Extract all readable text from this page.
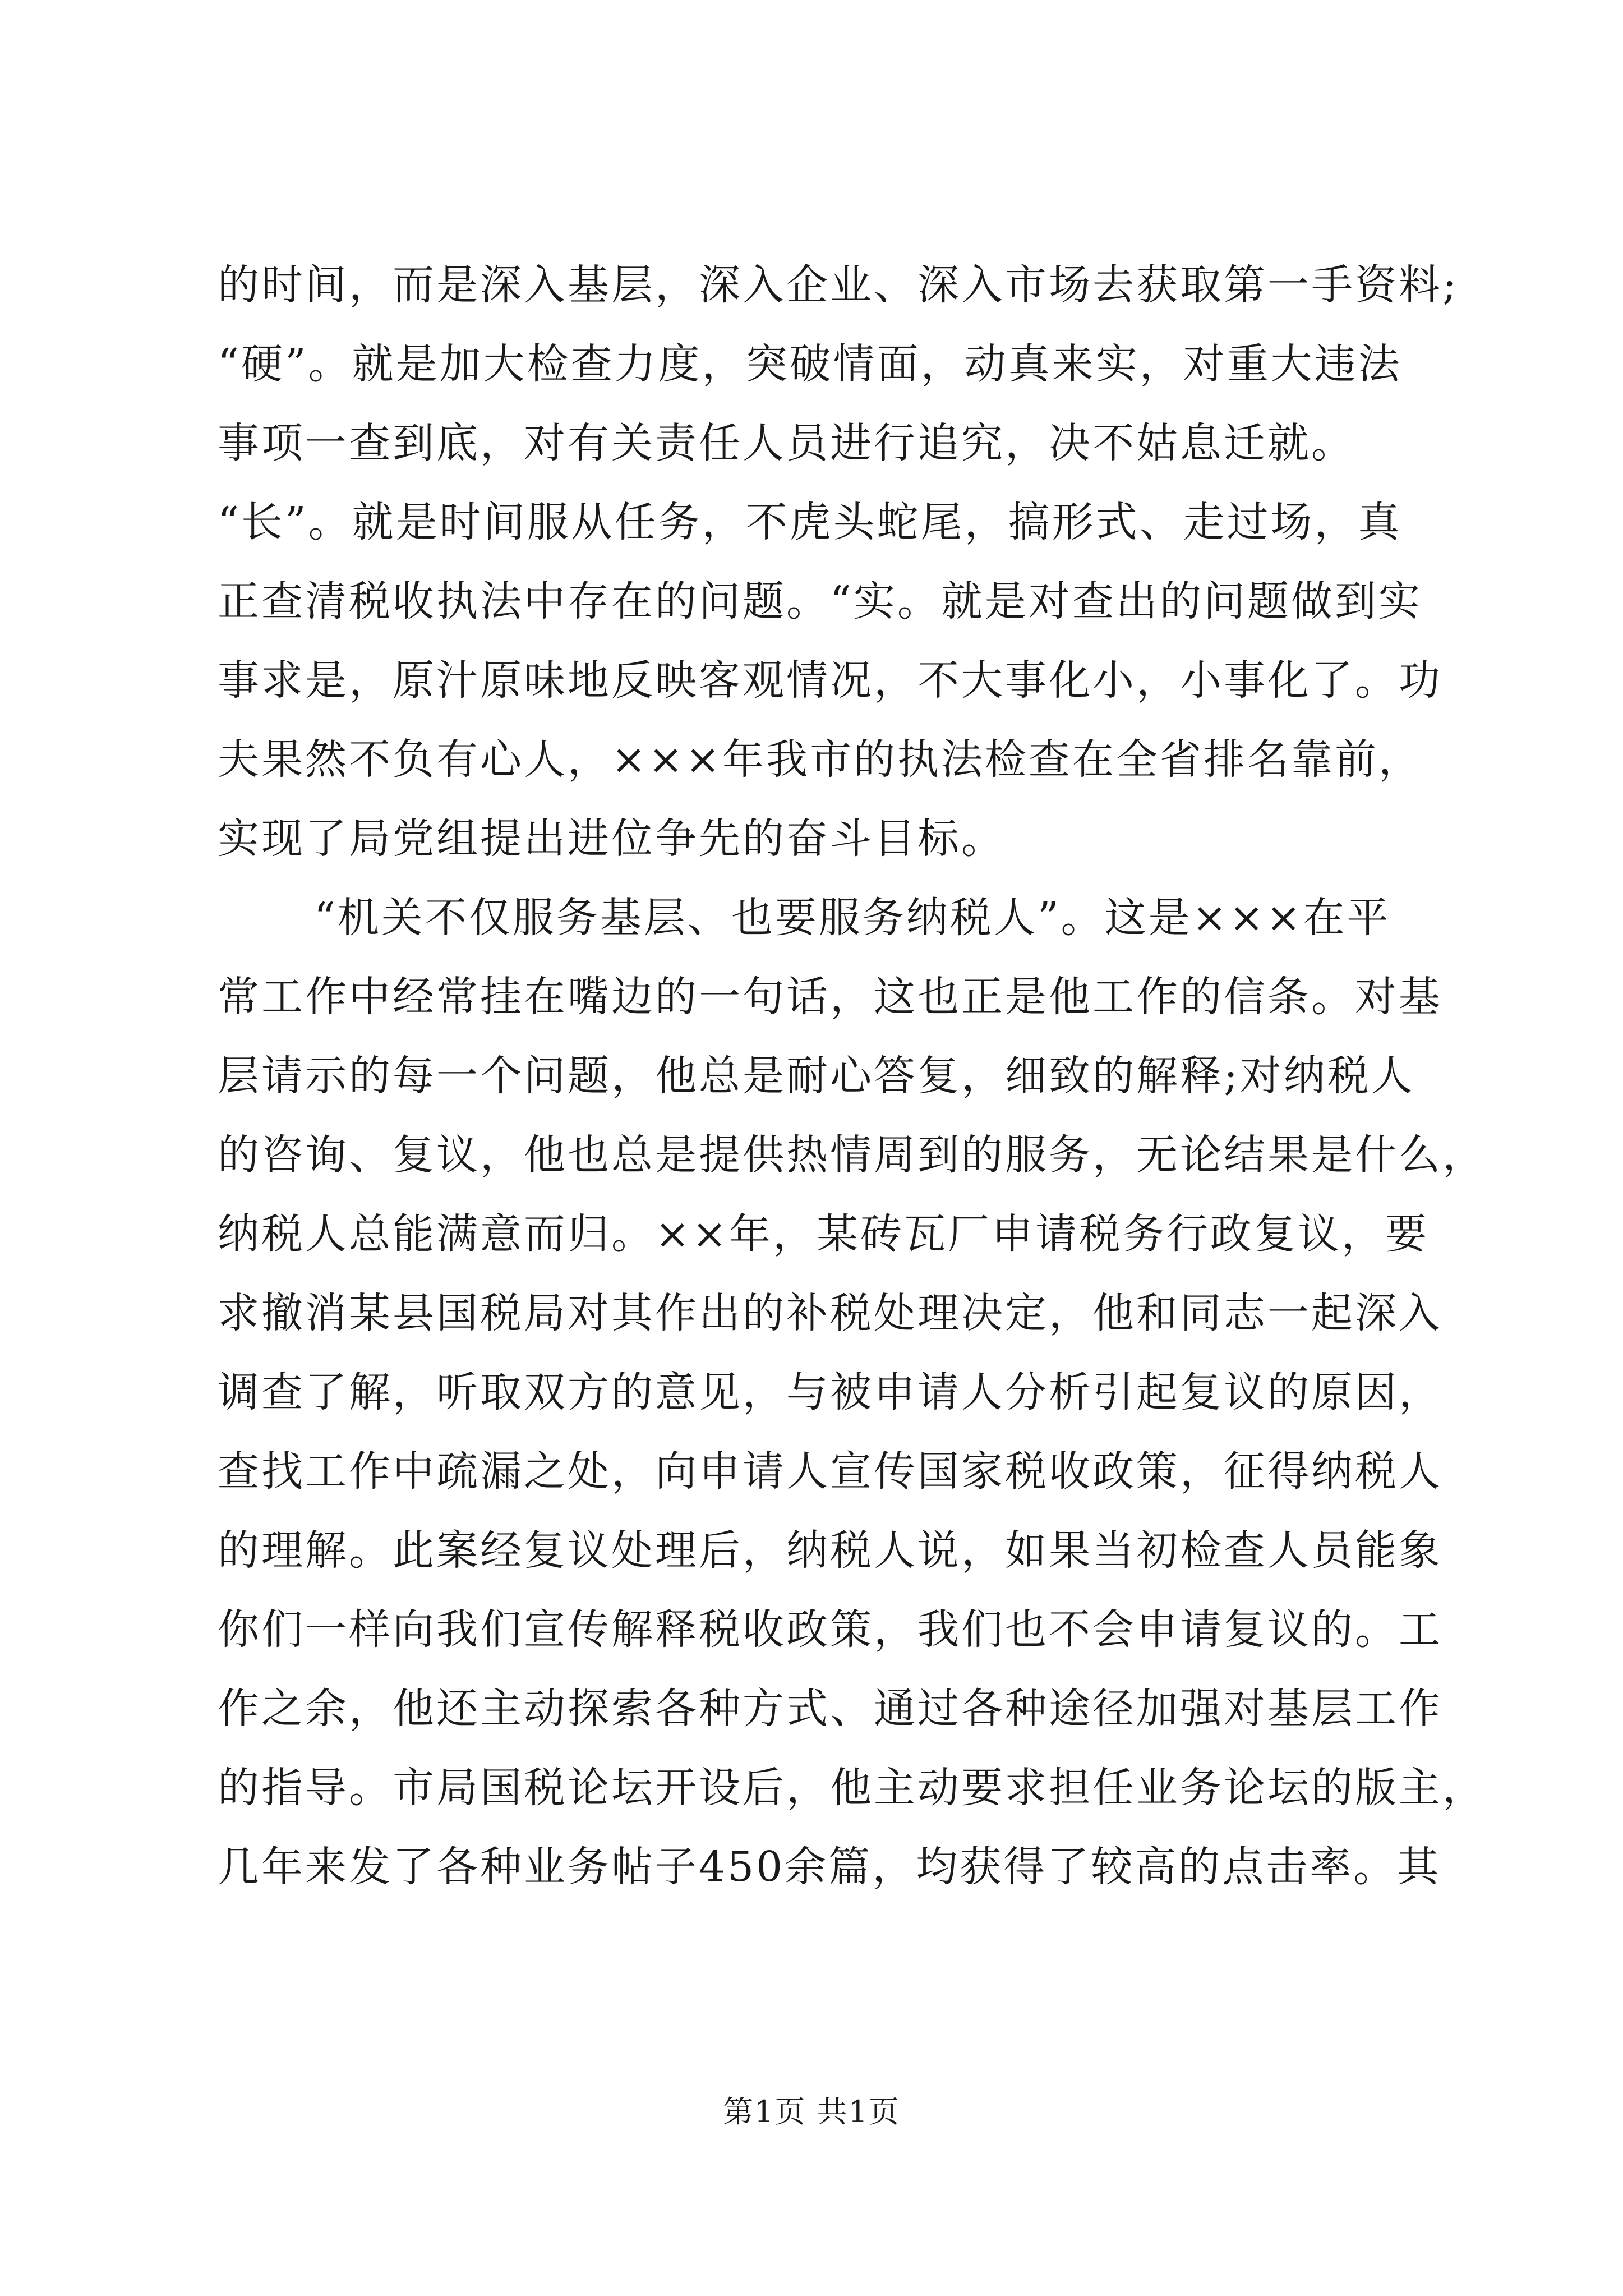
的时间，而是深入基层，深入企业、深入市场去获取第一手资料;
“硬”。就是加大检查力度，突破情面，动真来实，对重大违法
事项一查到底，对有关责任人员进行追究，决不姑息迁就。
“长”。就是时间服从任务，不虎头蛇尾，搞形式、走过场，真
正查清税收执法中存在的问题。“实。就是对查出的问题做到实
事求是，原汁原味地反映客观情况，不大事化小，小事化了。功
夫果然不负有心人，×××年我市的执法检查在全省排名靠前，
实现了局党组提出进位争先的奋斗目标。
“机关不仅服务基层、也要服务纳税人”。这是×××在平
常工作中经常挂在嘴边的一句话，这也正是他工作的信条。对基
层请示的每一个问题，他总是耐心答复，细致的解释;对纳税人
的咨询、复议，他也总是提供热情周到的服务，无论结果是什么，
纳税人总能满意而归。××年，某砖瓦厂申请税务行政复议，要
求撤消某县国税局对其作出的补税处理决定，他和同志一起深入
调查了解，听取双方的意见，与被申请人分析引起复议的原因，
查找工作中疏漏之处，向申请人宣传国家税收政策，征得纳税人
的理解。此案经复议处理后，纳税人说，如果当初检查人员能象
你们一样向我们宣传解释税收政策，我们也不会申请复议的。工
作之余，他还主动探索各种方式、通过各种途径加强对基层工作
的指导。市局国税论坛开设后，他主动要求担任业务论坛的版主，
几年来发了各种业务帖子450余篇，均获得了较高的点击率。其
第1页 共1页
